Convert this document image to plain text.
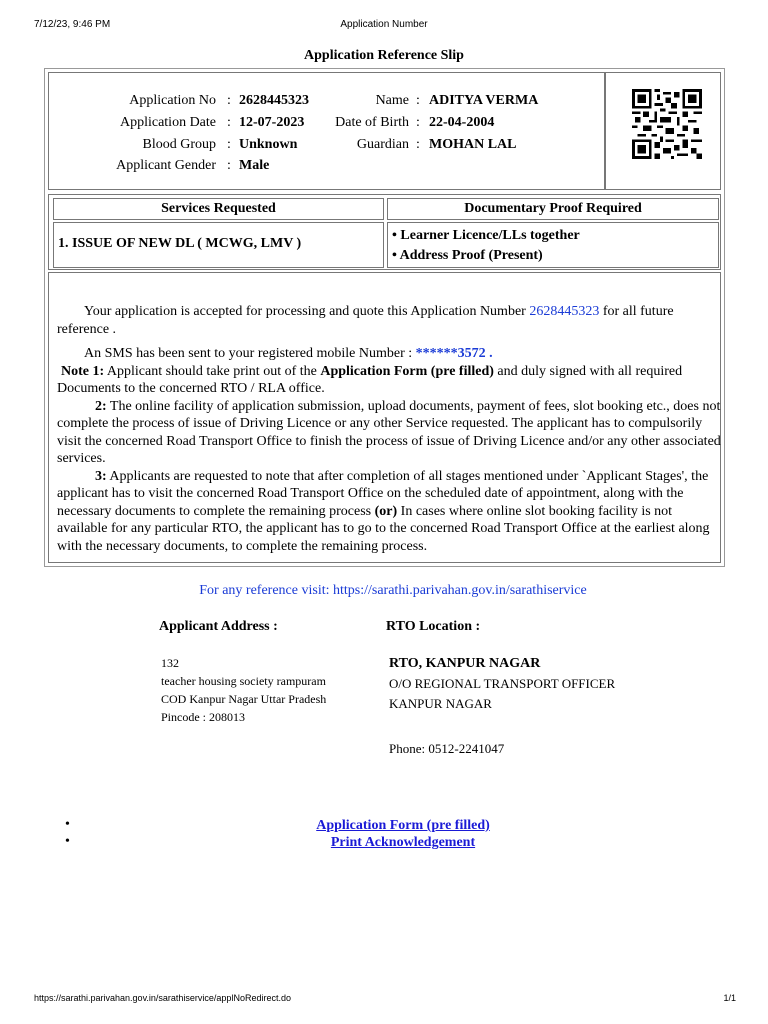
7/12/23, 9:46 PM	Application Number
Application Reference Slip
Application No : 2628445323
Application Date : 12-07-2023
Blood Group : Unknown
Applicant Gender : Male
Name : ADITYA VERMA
Date of Birth : 22-04-2004
Guardian : MOHAN LAL
Services Requested	Documentary Proof Required
1. ISSUE OF NEW DL ( MCWG, LMV )
• Learner Licence/LLs together
• Address Proof (Present)

Your application is accepted for processing and quote this Application Number 2628445323 for all future reference .

An SMS has been sent to your registered mobile Number : ******3572 .

Note 1: Applicant should take print out of the Application Form (pre filled) and duly signed with all required Documents to the concerned RTO / RLA office.

2: The online facility of application submission, upload documents, payment of fees, slot booking etc., does not complete the process of issue of Driving Licence or any other Service requested. The applicant has to compulsorily visit the concerned Road Transport Office to finish the process of issue of Driving Licence and/or any other associated services.

3: Applicants are requested to note that after completion of all stages mentioned under `Applicant Stages', the applicant has to visit the concerned Road Transport Office on the scheduled date of appointment, along with the necessary documents to complete the remaining process (or) In cases where online slot booking facility is not available for any particular RTO, the applicant has to go to the concerned Road Transport Office at the earliest along with the necessary documents, to complete the remaining process.

For any reference visit: https://sarathi.parivahan.gov.in/sarathiservice
Applicant Address :	RTO Location :
132
teacher housing society rampuram
COD Kanpur Nagar Uttar Pradesh
Pincode : 208013
RTO, KANPUR NAGAR
O/O REGIONAL TRANSPORT OFFICER
KANPUR NAGAR
Phone: 0512-2241047
•	Application Form (pre filled)
•	Print Acknowledgement
https://sarathi.parivahan.gov.in/sarathiservice/applNoRedirect.do	1/1
